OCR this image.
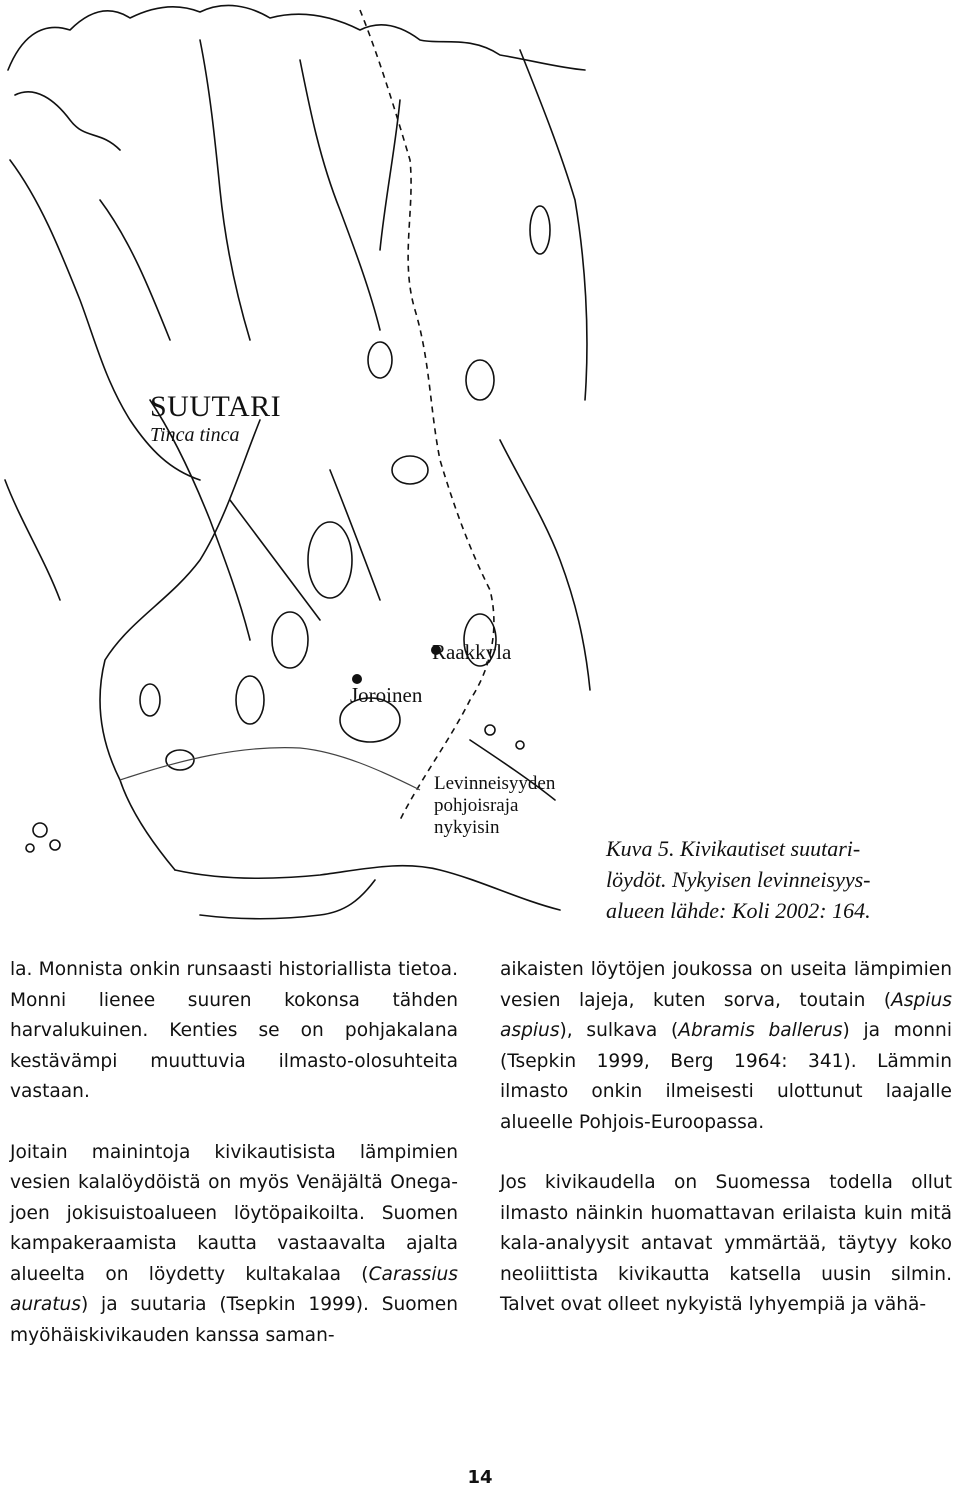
SUUTARI
Tinca tinca
Raakkyla
Joroinen
Levinneisyyden
pohjoisraja
nykyisin

Kuva 5. Kivikautiset suutari-

löydöt. Nykyisen levinneisyys-

alueen lähde: Koli 2002: 164.

la. Monnista onkin runsaasti historiallista tietoa. Monni lienee suuren kokonsa tähden harvalukuinen. Kenties se on pohjakalana kestävämpi muuttuvia ilmasto-olosuhteita vastaan.

Joitain mainintoja kivikautisista lämpimien vesien kalalöydöistä on myös Venäjältä Onega-joen jokisuistoalueen löytöpaikoilta. Suomen kampakeraamista kautta vastaavalta ajalta alueelta on löydetty kultakalaa (Carassius auratus) ja suutaria (Tsepkin 1999). Suomen myöhäiskivikauden kanssa saman-

aikaisten löytöjen joukossa on useita lämpimien vesien lajeja, kuten sorva, toutain (Aspius aspius), sulkava (Abramis ballerus) ja monni (Tsepkin 1999, Berg 1964: 341). Lämmin ilmasto onkin ilmeisesti ulottunut laajalle alueelle Pohjois-Euroopassa.

Jos kivikaudella on Suomessa todella ollut ilmasto näinkin huomattavan erilaista kuin mitä kala-analyysit antavat ymmärtää, täytyy koko neoliittista kivikautta katsella uusin silmin. Talvet ovat olleet nykyistä lyhyempiä ja vähä-

14
